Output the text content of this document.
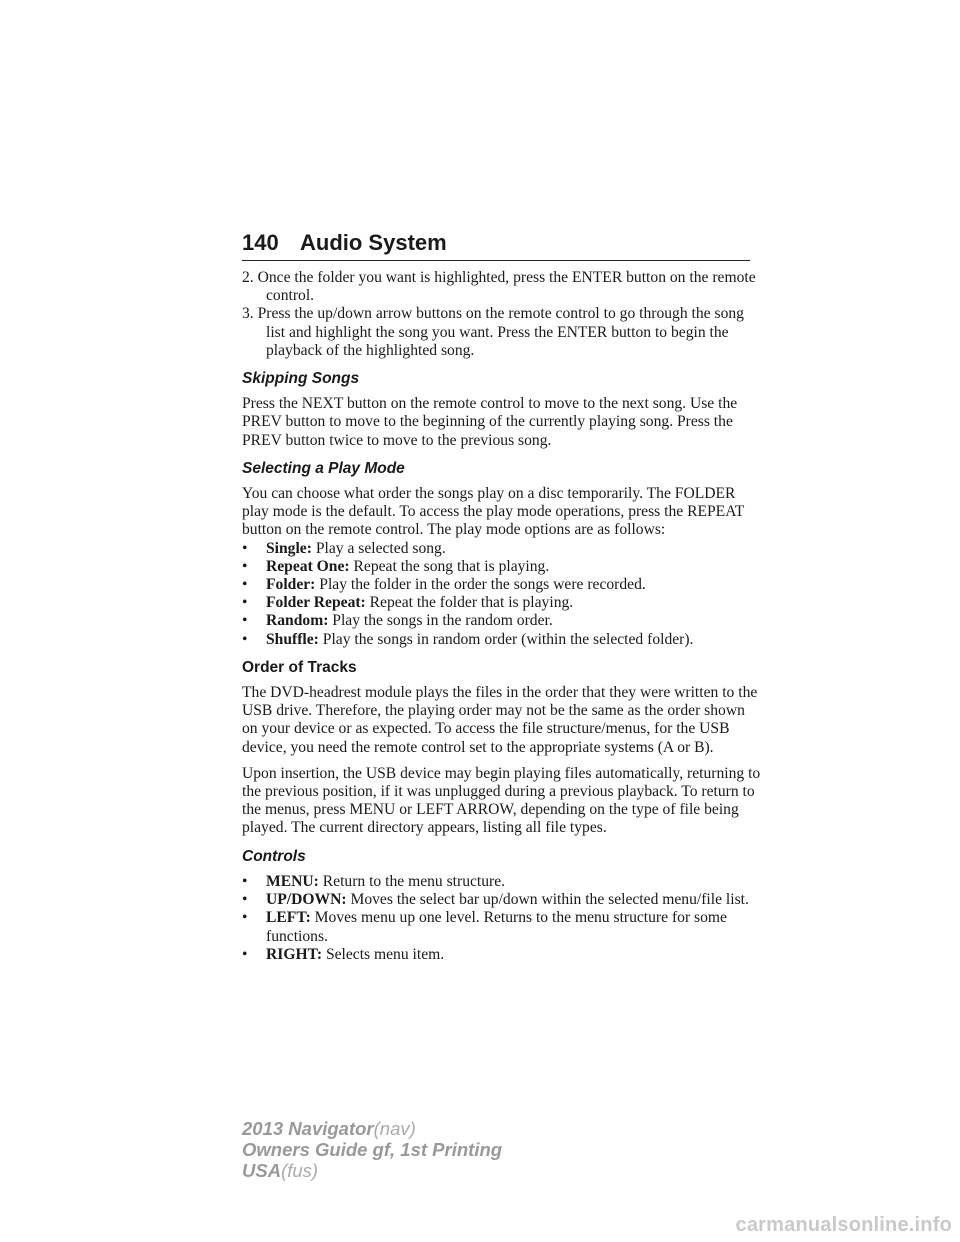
140 Audio System
2. Once the folder you want is highlighted, press the ENTER button on the remote control.
3. Press the up/down arrow buttons on the remote control to go through the song list and highlight the song you want. Press the ENTER button to begin the playback of the highlighted song.
Skipping Songs

Press the NEXT button on the remote control to move to the next song. Use the PREV button to move to the beginning of the currently playing song. Press the PREV button twice to move to the previous song.

Selecting a Play Mode

You can choose what order the songs play on a disc temporarily. The FOLDER play mode is the default. To access the play mode operations, press the REPEAT button on the remote control. The play mode options are as follows:

• Single: Play a selected song.
• Repeat One: Repeat the song that is playing.
• Folder: Play the folder in the order the songs were recorded.
• Folder Repeat: Repeat the folder that is playing.
• Random: Play the songs in the random order.
• Shuffle: Play the songs in random order (within the selected folder).
Order of Tracks

The DVD-headrest module plays the files in the order that they were written to the USB drive. Therefore, the playing order may not be the same as the order shown on your device or as expected. To access the file structure/menus, for the USB device, you need the remote control set to the appropriate systems (A or B).

Upon insertion, the USB device may begin playing files automatically, returning to the previous position, if it was unplugged during a previous playback. To return to the menus, press MENU or LEFT ARROW, depending on the type of file being played. The current directory appears, listing all file types.

Controls
• MENU: Return to the menu structure.
• UP/DOWN: Moves the select bar up/down within the selected menu/file list.
• LEFT: Moves menu up one level. Returns to the menu structure for some functions.
• RIGHT: Selects menu item.
2013 Navigator(nav)
Owners Guide gf, 1st Printing
USA(fus)
carmanualsonline.info
